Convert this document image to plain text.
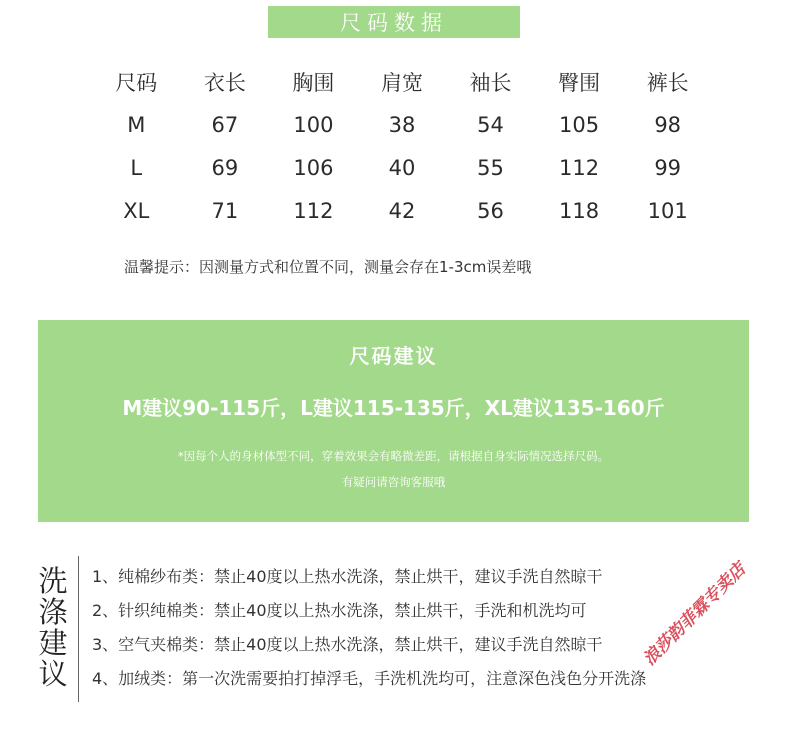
尺码数据
尺码	衣长	胸围	肩宽	袖长	臀围	裤长
M	67	100	38	54	105	98
L	69	106	40	55	112	99
XL	71	112	42	56	118	101
温馨提示：因测量方式和位置不同，测量会存在1-3cm误差哦
尺码建议
M建议90-115斤，L建议115-135斤，XL建议135-160斤
*因每个人的身材体型不同，穿着效果会有略微差距，请根据自身实际情况选择尺码。
有疑问请咨询客服哦
洗
涤
建
议
1、纯棉纱布类：禁止40度以上热水洗涤，禁止烘干，建议手洗自然晾干
2、针织纯棉类：禁止40度以上热水洗涤，禁止烘干，手洗和机洗均可
3、空气夹棉类：禁止40度以上热水洗涤，禁止烘干，建议手洗自然晾干
4、加绒类：第一次洗需要拍打掉浮毛，手洗机洗均可，注意深色浅色分开洗涤
浪莎韵菲霖专卖店
